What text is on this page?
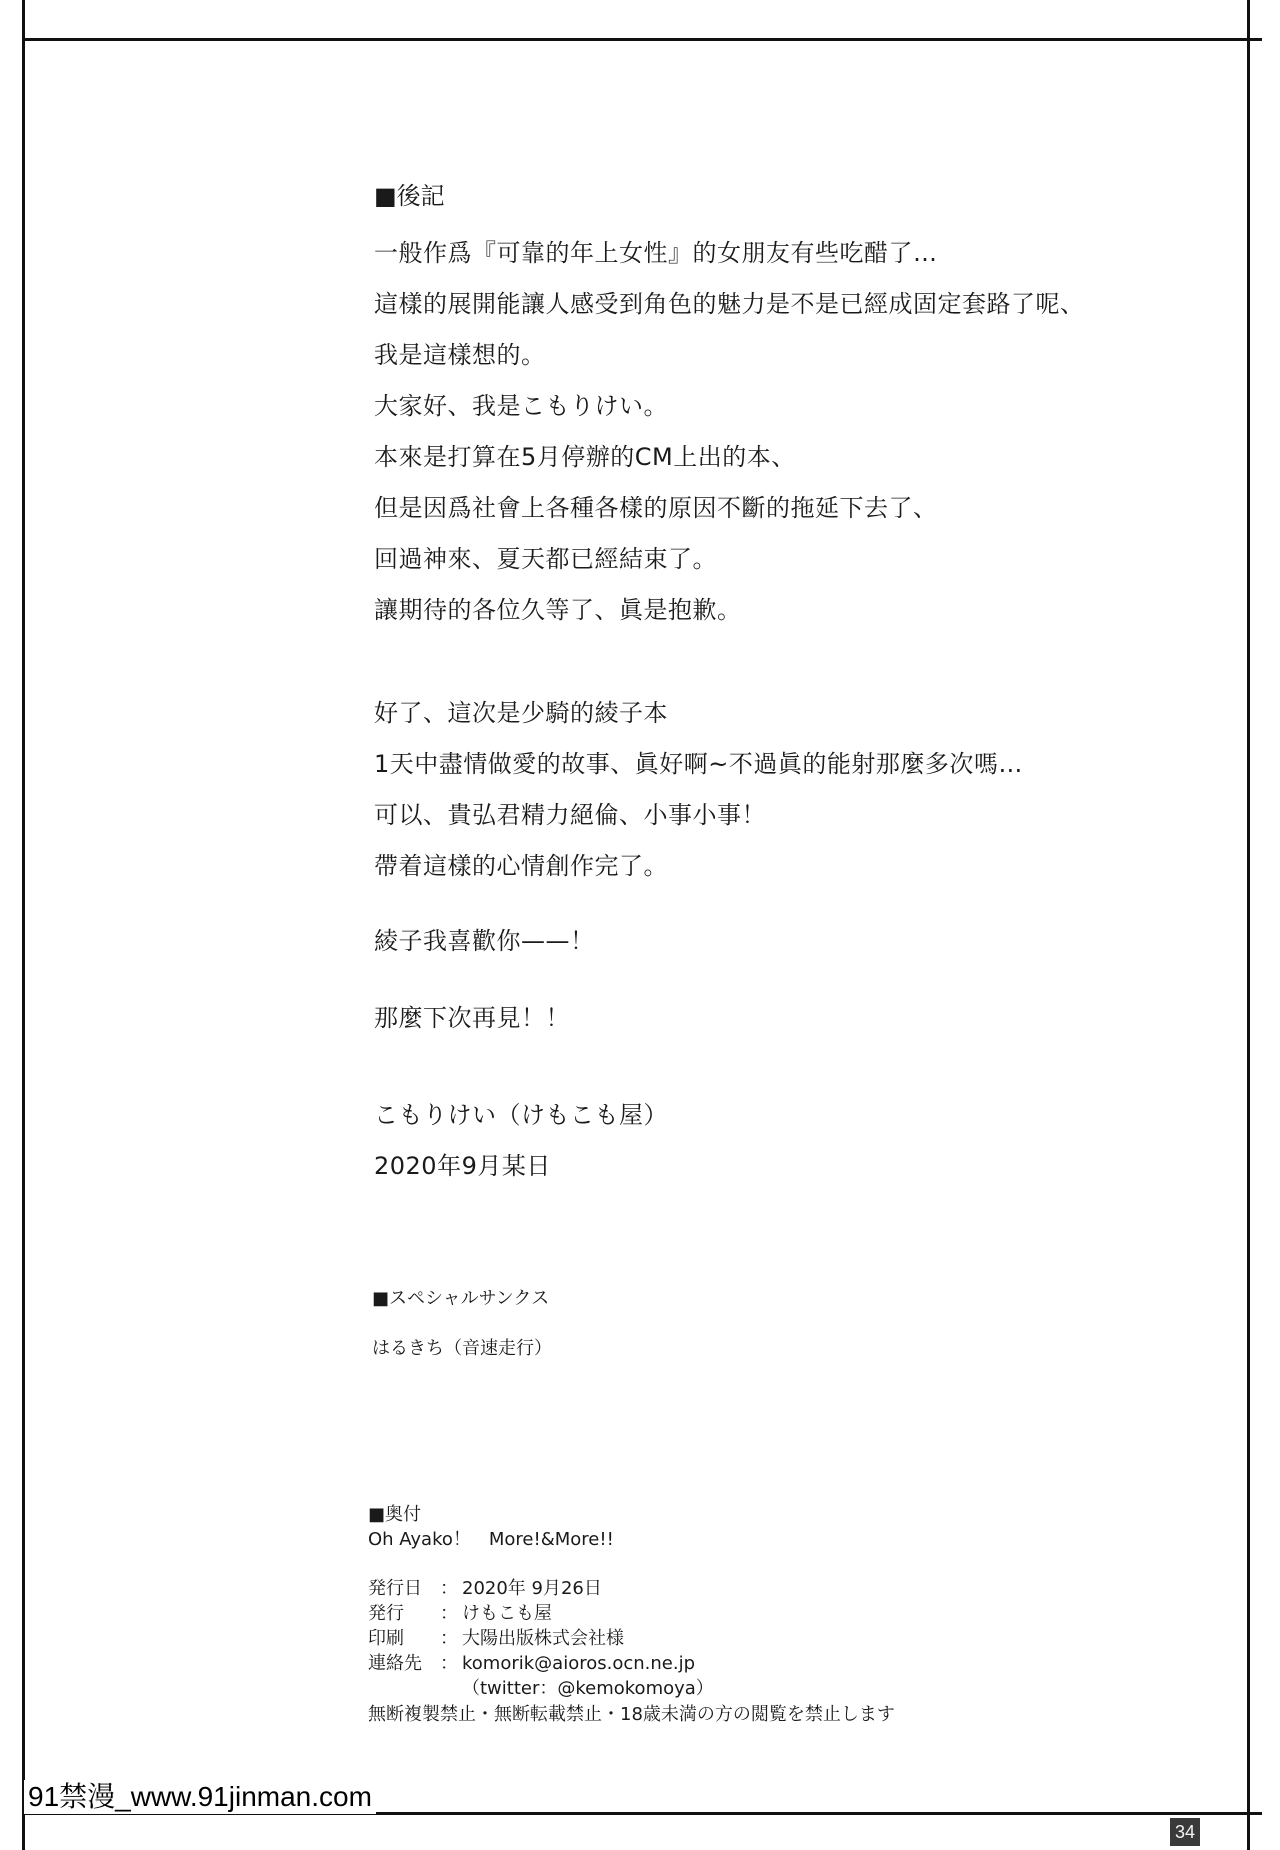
■後記
一般作爲『可靠的年上女性』的女朋友有些吃醋了…
這樣的展開能讓人感受到角色的魅力是不是已經成固定套路了呢、
我是這樣想的。
大家好、我是こもりけい。
本來是打算在5月停辦的CM上出的本、
但是因爲社會上各種各樣的原因不斷的拖延下去了、
回過神來、夏天都已經結束了。
讓期待的各位久等了、眞是抱歉。
好了、這次是少騎的綾子本
1天中盡情做愛的故事、眞好啊~不過眞的能射那麼多次嗎…
可以、貴弘君精力絕倫、小事小事！
帶着這樣的心情創作完了。
綾子我喜歡你——！
那麼下次再見！！
こもりけい（けもこも屋）
2020年9月某日
■スペシャルサンクス
はるきち（音速走行）
■奥付
Oh Ayako！　More!&More!!
発行日	： 2020年 9月26日
発行	： けもこも屋
印刷	： 大陽出版株式会社様
連絡先	： komorik@aioros.ocn.ne.jp
（twitter：@kemokomoya）
無断複製禁止・無断転載禁止・18歳未満の方の閲覧を禁止します
91禁漫_www.91jinman.com
34
